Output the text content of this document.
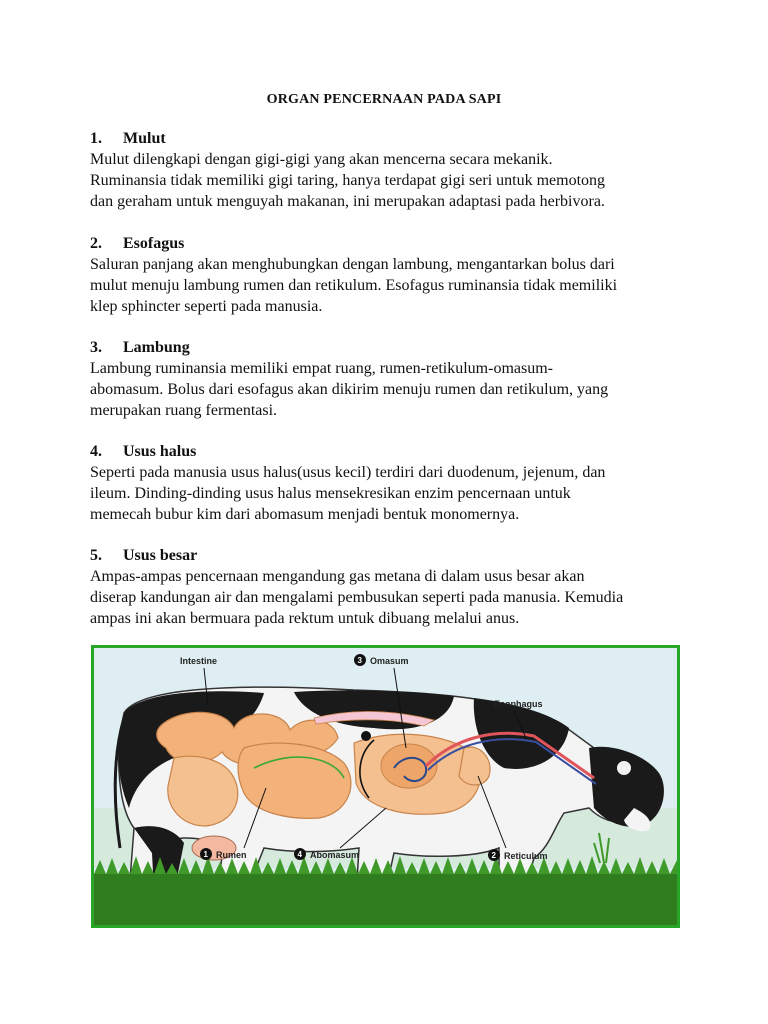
ORGAN PENCERNAAN PADA SAPI
1.	Mulut

Mulut dilengkapi dengan gigi-gigi yang akan mencerna secara mekanik.

Ruminansia tidak memiliki gigi taring, hanya terdapat gigi seri untuk memotong

dan geraham untuk menguyah makanan, ini merupakan adaptasi pada herbivora.

2.	Esofagus

Saluran panjang akan menghubungkan dengan lambung, mengantarkan bolus dari

mulut menuju lambung rumen dan retikulum. Esofagus ruminansia tidak memiliki

klep sphincter seperti pada manusia.

3.	Lambung

Lambung ruminansia memiliki empat ruang, rumen-retikulum-omasum-

abomasum. Bolus dari esofagus akan dikirim menuju rumen dan retikulum, yang

merupakan ruang fermentasi.

4.	Usus halus

Seperti pada manusia usus halus(usus kecil) terdiri dari duodenum, jejenum, dan

ileum. Dinding-dinding usus halus mensekresikan enzim pencernaan untuk

memecah bubur kim dari abomasum menjadi bentuk monomernya.

5.	Usus besar

Ampas-ampas pencernaan mengandung gas metana di dalam usus besar akan

diserap kandungan air dan mengalami pembusukan seperti pada manusia. Kemudia

ampas ini akan bermuara pada rektum untuk dibuang melalui anus.

Intestine	3 Omasum
Esophagus
1 Rumen	4 Abomasum	2 Reticulum
